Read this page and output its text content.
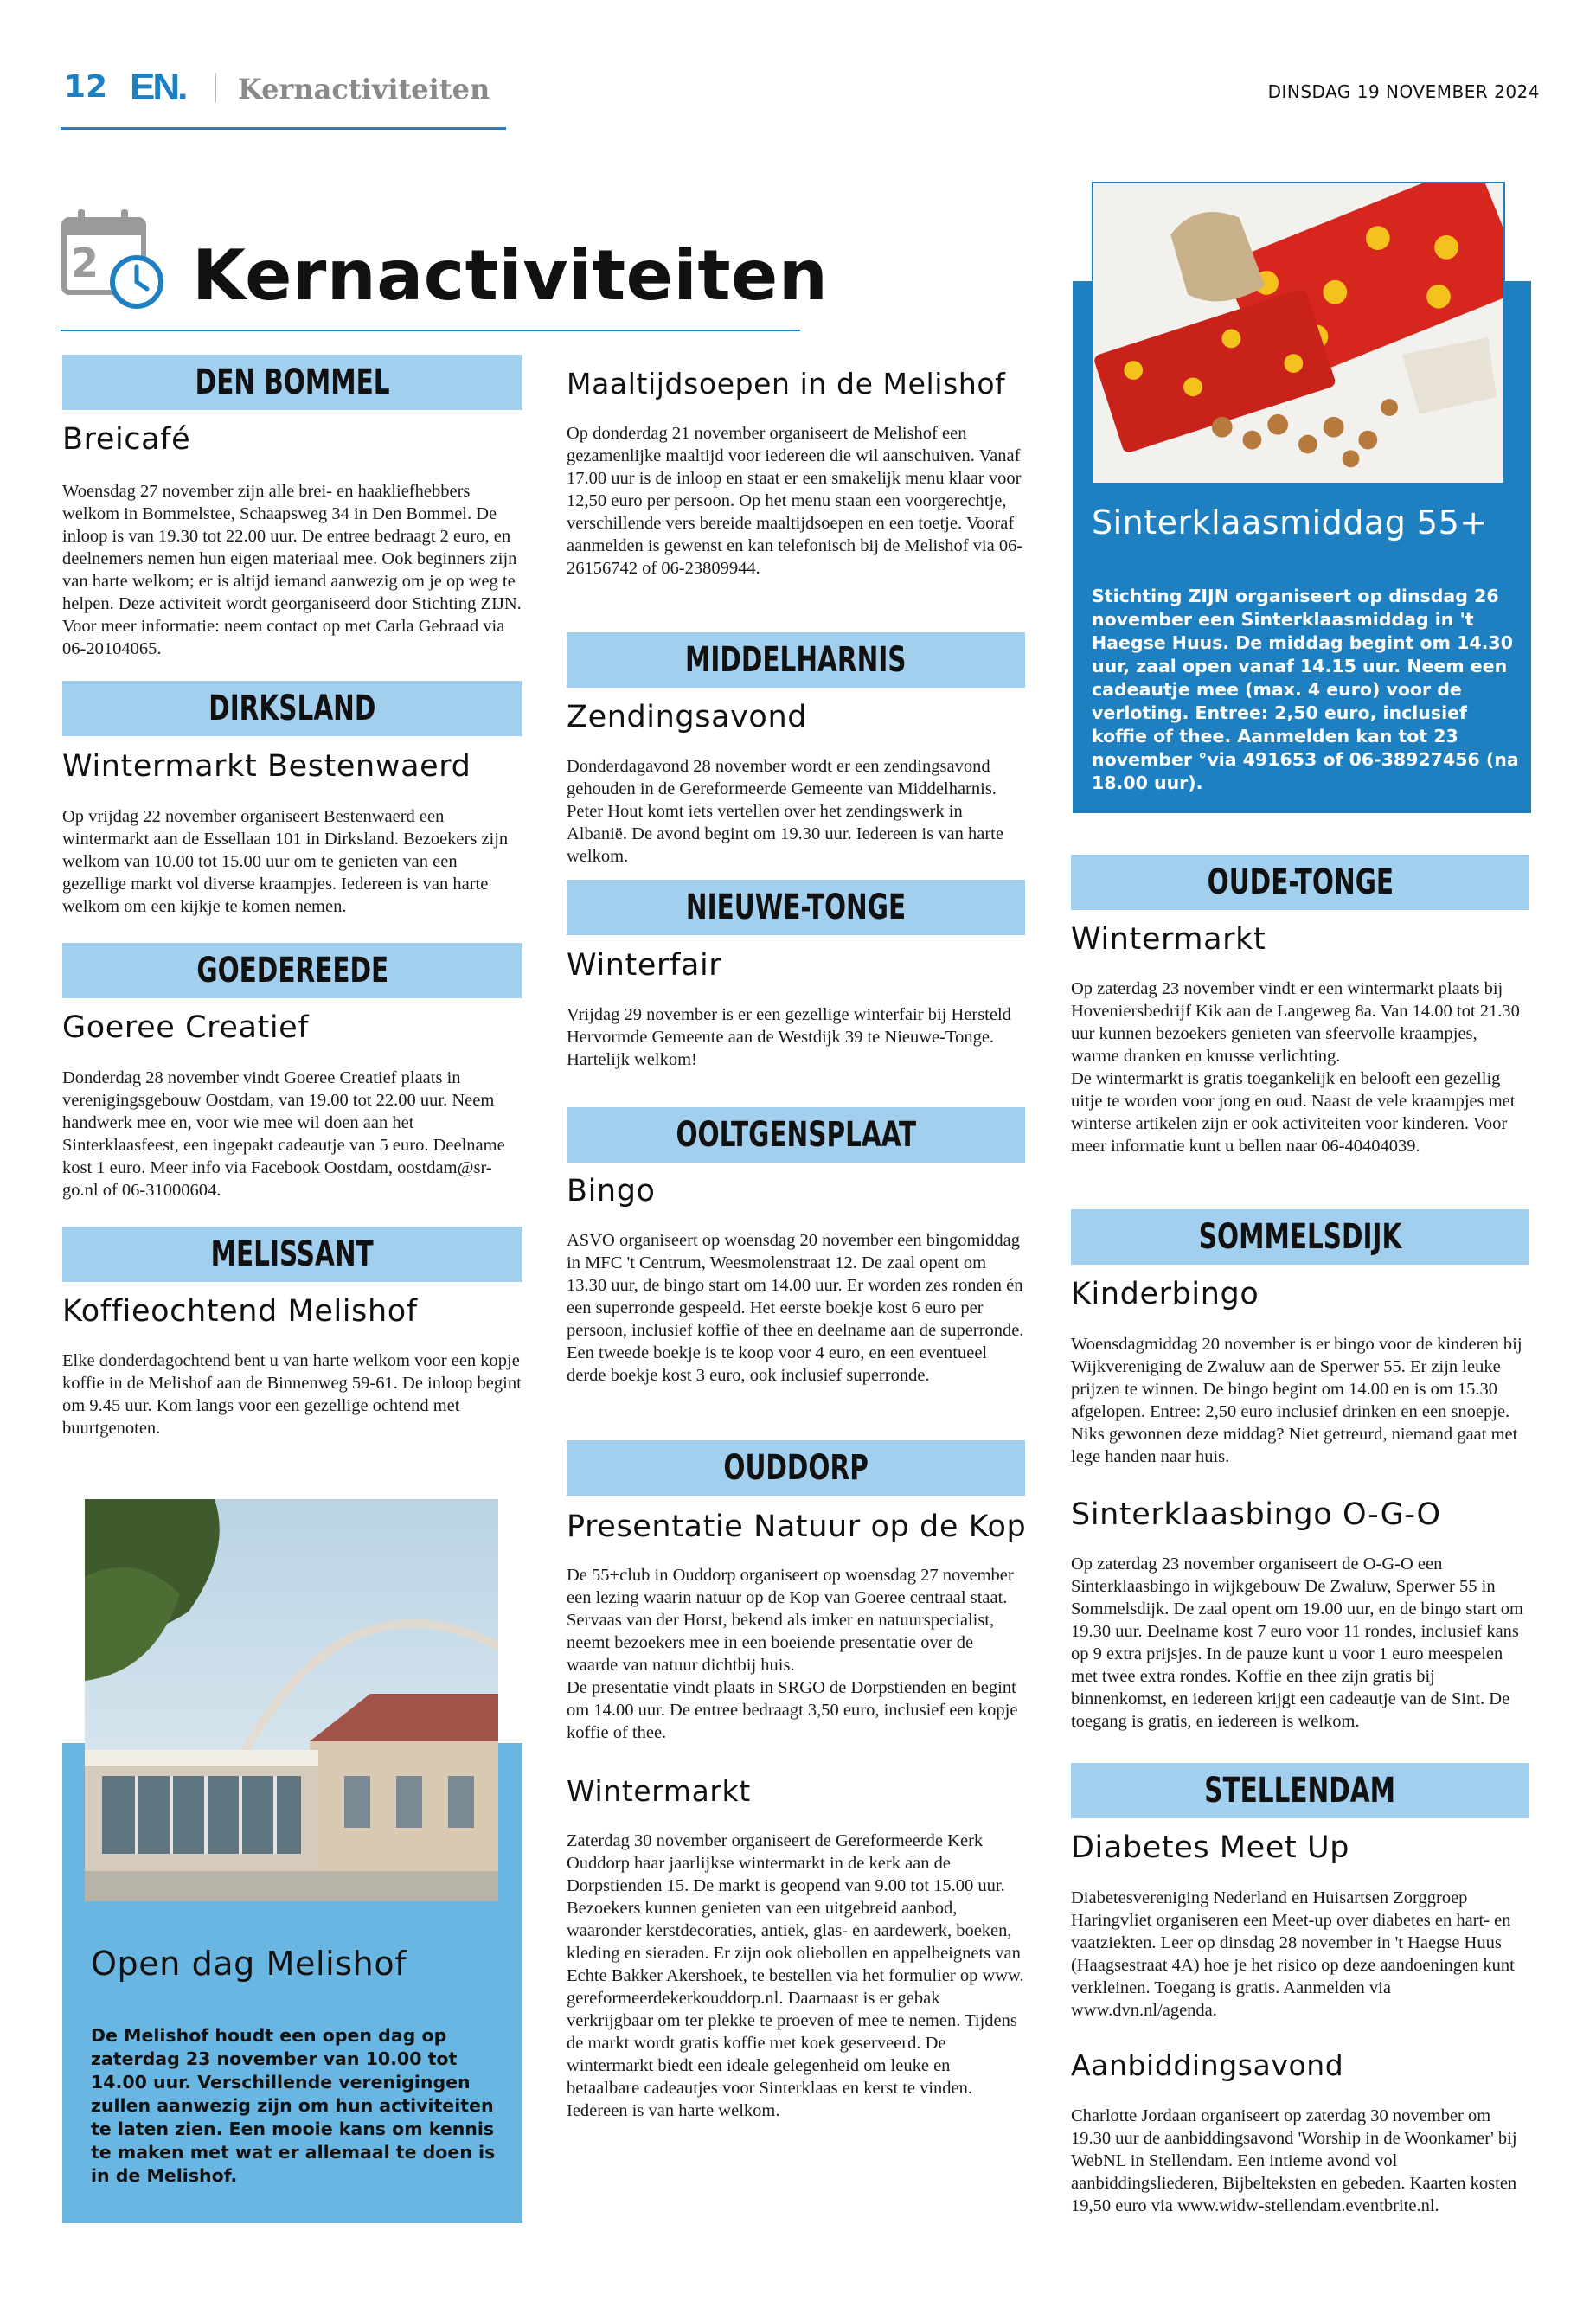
12 EN. Kernactiviteiten	DINSDAG 19 NOVEMBER 2024
2 Kernactiviteiten
DEN BOMMEL
Breicafé
Woensdag 27 november zijn alle brei- en haakliefhebbers welkom in Bommelstee, Schaapsweg 34 in Den Bommel. De inloop is van 19.30 tot 22.00 uur. De entree bedraagt 2 euro, en deelnemers nemen hun eigen materiaal mee. Ook beginners zijn van harte welkom; er is altijd iemand aanwezig om je op weg te helpen. Deze activiteit wordt georganiseerd door Stichting ZIJN. Voor meer informatie: neem contact op met Carla Gebraad via 06-20104065.
DIRKSLAND
Wintermarkt Bestenwaerd
Op vrijdag 22 november organiseert Bestenwaerd een wintermarkt aan de Essellaan 101 in Dirksland. Bezoekers zijn welkom van 10.00 tot 15.00 uur om te genieten van een gezellige markt vol diverse kraampjes. Iedereen is van harte welkom om een kijkje te komen nemen.
GOEDEREEDE
Goeree Creatief
Donderdag 28 november vindt Goeree Creatief plaats in verenigingsgebouw Oostdam, van 19.00 tot 22.00 uur. Neem handwerk mee en, voor wie mee wil doen aan het Sinterklaasfeest, een ingepakt cadeautje van 5 euro. Deelname kost 1 euro. Meer info via Facebook Oostdam, oostdam@sr-go.nl of 06-31000604.
MELISSANT
Koffieochtend Melishof
Elke donderdagochtend bent u van harte welkom voor een kopje koffie in de Melishof aan de Binnenweg 59-61. De inloop begint om 9.45 uur. Kom langs voor een gezellige ochtend met buurtgenoten.
Open dag Melishof
De Melishof houdt een open dag op zaterdag 23 november van 10.00 tot 14.00 uur. Verschillende verenigingen zullen aanwezig zijn om hun activiteiten te laten zien. Een mooie kans om kennis te maken met wat er allemaal te doen is in de Melishof.
Maaltijdsoepen in de Melishof
Op donderdag 21 november organiseert de Melishof een gezamenlijke maaltijd voor iedereen die wil aanschuiven. Vanaf 17.00 uur is de inloop en staat er een smakelijk menu klaar voor 12,50 euro per persoon. Op het menu staan een voorgerechtje, verschillende vers bereide maaltijdsoepen en een toetje. Vooraf aanmelden is gewenst en kan telefonisch bij de Melishof via 06-26156742 of 06-23809944.
MIDDELHARNIS
Zendingsavond
Donderdagavond 28 november wordt er een zendingsavond gehouden in de Gereformeerde Gemeente van Middelharnis. Peter Hout komt iets vertellen over het zendingswerk in Albanië. De avond begint om 19.30 uur. Iedereen is van harte welkom.
NIEUWE-TONGE
Winterfair
Vrijdag 29 november is er een gezellige winterfair bij Hersteld Hervormde Gemeente aan de Westdijk 39 te Nieuwe-Tonge. Hartelijk welkom!
OOLTGENSPLAAT
Bingo
ASVO organiseert op woensdag 20 november een bingomiddag in MFC 't Centrum, Weesmolenstraat 12. De zaal opent om 13.30 uur, de bingo start om 14.00 uur. Er worden zes ronden én een superronde gespeeld. Het eerste boekje kost 6 euro per persoon, inclusief koffie of thee en deelname aan de superronde. Een tweede boekje is te koop voor 4 euro, en een eventueel derde boekje kost 3 euro, ook inclusief superronde.
OUDDORP
Presentatie Natuur op de Kop

De 55+club in Ouddorp organiseert op woensdag 27 november een lezing waarin natuur op de Kop van Goeree centraal staat. Servaas van der Horst, bekend als imker en natuurspecialist, neemt bezoekers mee in een boeiende presentatie over de waarde van natuur dichtbij huis.

De presentatie vindt plaats in SRGO de Dorpstienden en begint om 14.00 uur. De entree bedraagt 3,50 euro, inclusief een kopje koffie of thee.

Wintermarkt
Zaterdag 30 november organiseert de Gereformeerde Kerk Ouddorp haar jaarlijkse wintermarkt in de kerk aan de Dorpstienden 15. De markt is geopend van 9.00 tot 15.00 uur. Bezoekers kunnen genieten van een uitgebreid aanbod, waaronder kerstdecoraties, antiek, glas- en aardewerk, boeken, kleding en sieraden. Er zijn ook oliebollen en appelbeignets van Echte Bakker Akershoek, te bestellen via het formulier op www. gereformeerdekerkouddorp.nl. Daarnaast is er gebak verkrijgbaar om ter plekke te proeven of mee te nemen. Tijdens de markt wordt gratis koffie met koek geserveerd. De wintermarkt biedt een ideale gelegenheid om leuke en betaalbare cadeautjes voor Sinterklaas en kerst te vinden. Iedereen is van harte welkom.
Sinterklaasmiddag 55+
Stichting ZIJN organiseert op dinsdag 26 november een Sinterklaasmiddag in 't Haegse Huus. De middag begint om 14.30 uur, zaal open vanaf 14.15 uur. Neem een cadeautje mee (max. 4 euro) voor de verloting. Entree: 2,50 euro, inclusief koffie of thee. Aanmelden kan tot 23 november °via 491653 of 06-38927456 (na 18.00 uur).
OUDE-TONGE
Wintermarkt

Op zaterdag 23 november vindt er een wintermarkt plaats bij Hoveniersbedrijf Kik aan de Langeweg 8a. Van 14.00 tot 21.30 uur kunnen bezoekers genieten van sfeervolle kraampjes, warme dranken en knusse verlichting.

De wintermarkt is gratis toegankelijk en belooft een gezellig uitje te worden voor jong en oud. Naast de vele kraampjes met winterse artikelen zijn er ook activiteiten voor kinderen. Voor meer informatie kunt u bellen naar 06-40404039.

SOMMELSDIJK
Kinderbingo
Woensdagmiddag 20 november is er bingo voor de kinderen bij Wijkvereniging de Zwaluw aan de Sperwer 55. Er zijn leuke prijzen te winnen. De bingo begint om 14.00 en is om 15.30 afgelopen. Entree: 2,50 euro inclusief drinken en een snoepje. Niks gewonnen deze middag? Niet getreurd, niemand gaat met lege handen naar huis.
Sinterklaasbingo O-G-O
Op zaterdag 23 november organiseert de O-G-O een Sinterklaasbingo in wijkgebouw De Zwaluw, Sperwer 55 in Sommelsdijk. De zaal opent om 19.00 uur, en de bingo start om 19.30 uur. Deelname kost 7 euro voor 11 rondes, inclusief kans op 9 extra prijsjes. In de pauze kunt u voor 1 euro meespelen met twee extra rondes. Koffie en thee zijn gratis bij binnenkomst, en iedereen krijgt een cadeautje van de Sint. De toegang is gratis, en iedereen is welkom.
STELLENDAM
Diabetes Meet Up
Diabetesvereniging Nederland en Huisartsen Zorggroep Haringvliet organiseren een Meet-up over diabetes en hart- en vaatziekten. Leer op dinsdag 28 november in 't Haegse Huus (Haagsestraat 4A) hoe je het risico op deze aandoeningen kunt verkleinen. Toegang is gratis. Aanmelden via www.dvn.nl/agenda.
Aanbiddingsavond
Charlotte Jordaan organiseert op zaterdag 30 november om 19.30 uur de aanbiddingsavond 'Worship in de Woonkamer' bij WebNL in Stellendam. Een intieme avond vol aanbiddingsliederen, Bijbelteksten en gebeden. Kaarten kosten 19,50 euro via www.widw-stellendam.eventbrite.nl.
